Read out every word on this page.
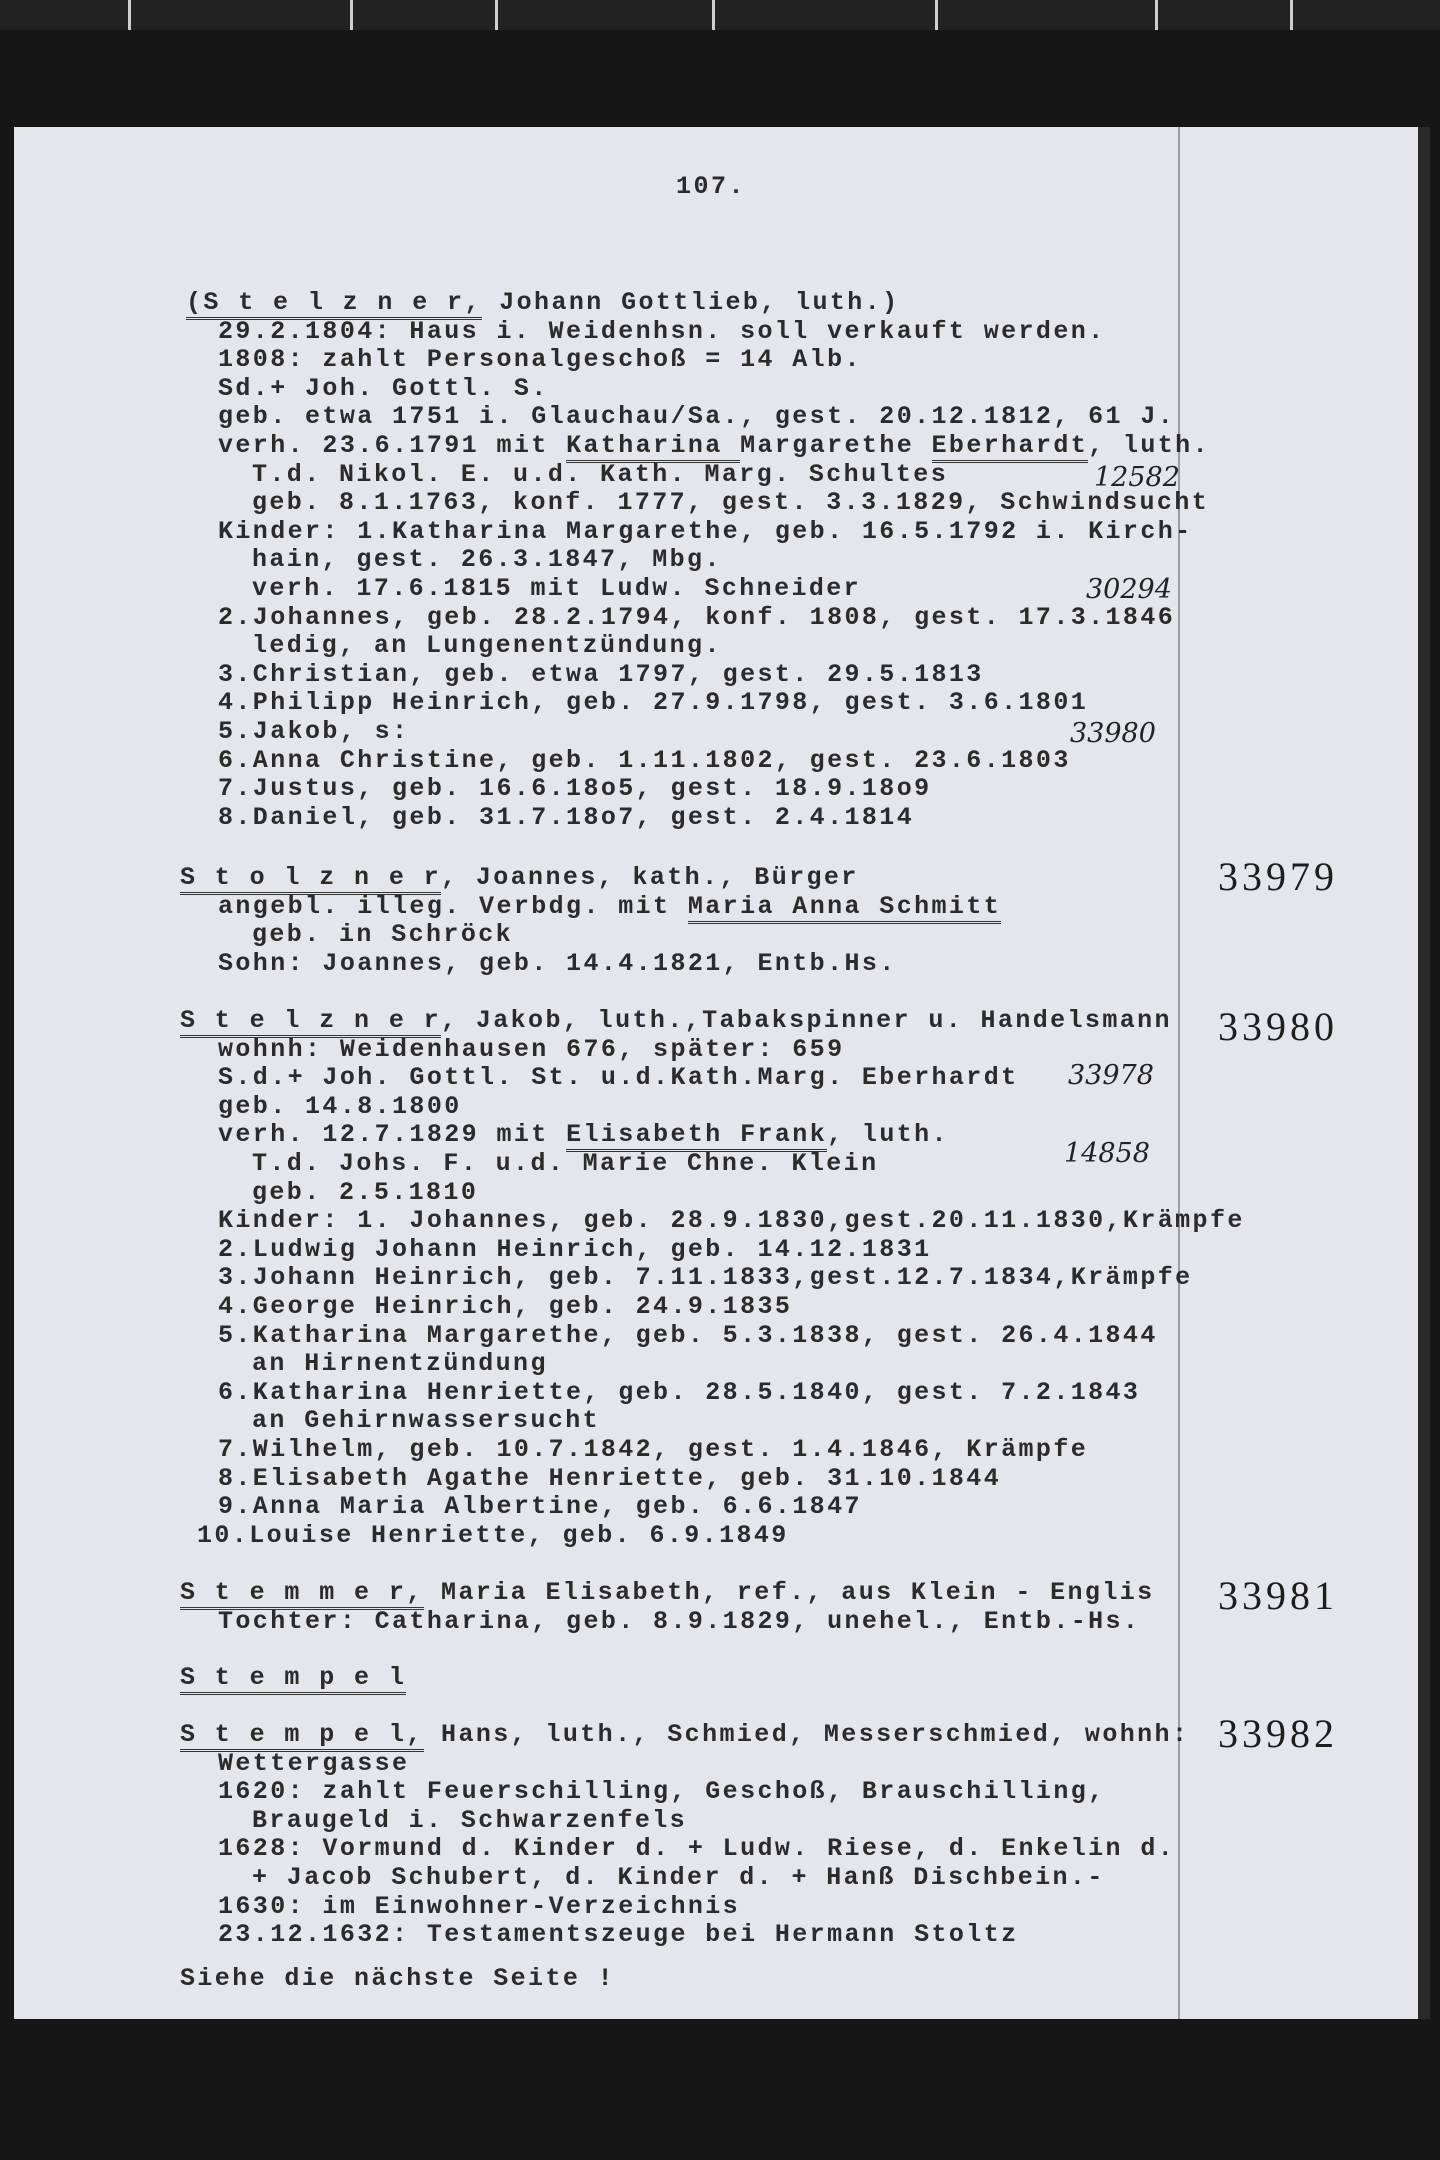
107.
(S t e l z n e r, Johann Gottlieb, luth.)
29.2.1804: Haus i. Weidenhsn. soll verkauft werden.
1808: zahlt Personalgeschoß = 14 Alb.
Sd.+ Joh. Gottl. S.
geb. etwa 1751 i. Glauchau/Sa., gest. 20.12.1812, 61 J.
verh. 23.6.1791 mit Katharina Margarethe Eberhardt, luth.
T.d. Nikol. E. u.d. Kath. Marg. Schultes
geb. 8.1.1763, konf. 1777, gest. 3.3.1829, Schwindsucht
Kinder: 1.Katharina Margarethe, geb. 16.5.1792 i. Kirch-
hain, gest. 26.3.1847, Mbg.
verh. 17.6.1815 mit Ludw. Schneider
2.Johannes, geb. 28.2.1794, konf. 1808, gest. 17.3.1846
ledig, an Lungenentzündung.
3.Christian, geb. etwa 1797, gest. 29.5.1813
4.Philipp Heinrich, geb. 27.9.1798, gest. 3.6.1801
5.Jakob, s:
6.Anna Christine, geb. 1.11.1802, gest. 23.6.1803
7.Justus, geb. 16.6.18o5, gest. 18.9.18o9
8.Daniel, geb. 31.7.18o7, gest. 2.4.1814
S t o l z n e r, Joannes, kath., Bürger
angebl. illeg. Verbdg. mit Maria Anna Schmitt
geb. in Schröck
Sohn: Joannes, geb. 14.4.1821, Entb.Hs.
S t e l z n e r, Jakob, luth.,Tabakspinner u. Handelsmann
wohnh: Weidenhausen 676, später: 659
S.d.+ Joh. Gottl. St. u.d.Kath.Marg. Eberhardt
geb. 14.8.1800
verh. 12.7.1829 mit Elisabeth Frank, luth.
T.d. Johs. F. u.d. Marie Chne. Klein
geb. 2.5.1810
Kinder: 1. Johannes, geb. 28.9.1830,gest.20.11.1830,Krämpfe
2.Ludwig Johann Heinrich, geb. 14.12.1831
3.Johann Heinrich, geb. 7.11.1833,gest.12.7.1834,Krämpfe
4.George Heinrich, geb. 24.9.1835
5.Katharina Margarethe, geb. 5.3.1838, gest. 26.4.1844
an Hirnentzündung
6.Katharina Henriette, geb. 28.5.1840, gest. 7.2.1843
an Gehirnwassersucht
7.Wilhelm, geb. 10.7.1842, gest. 1.4.1846, Krämpfe
8.Elisabeth Agathe Henriette, geb. 31.10.1844
9.Anna Maria Albertine, geb. 6.6.1847
10.Louise Henriette, geb. 6.9.1849
S t e m m e r, Maria Elisabeth, ref., aus Klein - Englis
Tochter: Catharina, geb. 8.9.1829, unehel., Entb.-Hs.
S t e m p e l
S t e m p e l, Hans, luth., Schmied, Messerschmied, wohnh:
Wettergasse
1620: zahlt Feuerschilling, Geschoß, Brauschilling,
Braugeld i. Schwarzenfels
1628: Vormund d. Kinder d. + Ludw. Riese, d. Enkelin d.
+ Jacob Schubert, d. Kinder d. + Hanß Dischbein.-
1630: im Einwohner-Verzeichnis
23.12.1632: Testamentszeuge bei Hermann Stoltz
Siehe die nächste Seite !
33979
33980
33981
33982
12582
30294
33980
33978
14858
